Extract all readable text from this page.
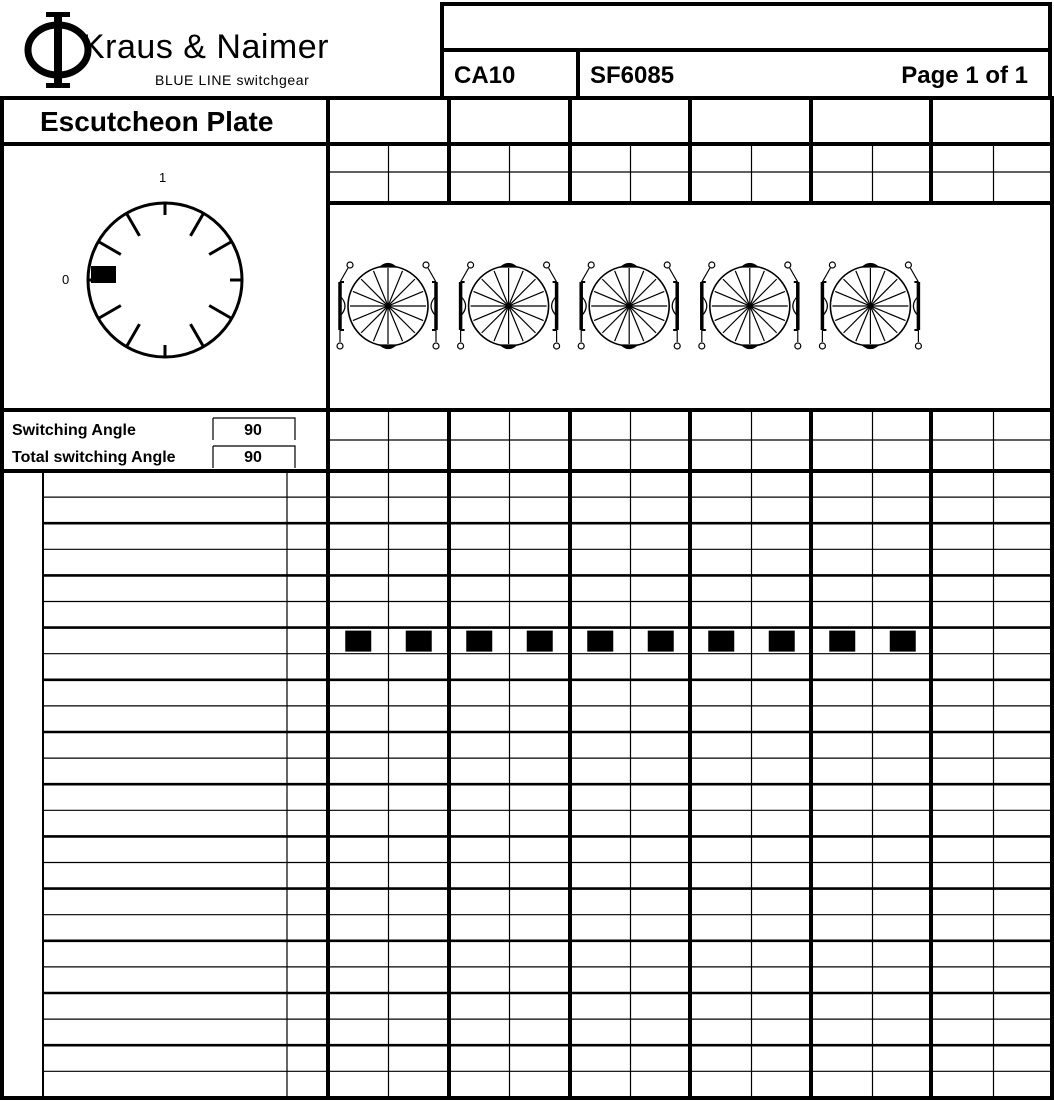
Kraus & Naimer
BLUE LINE switchgear	CA10	SF6085	Page 1 of 1
Escutcheon Plate
1
0
Switching Angle	90
Total switching Angle	90
